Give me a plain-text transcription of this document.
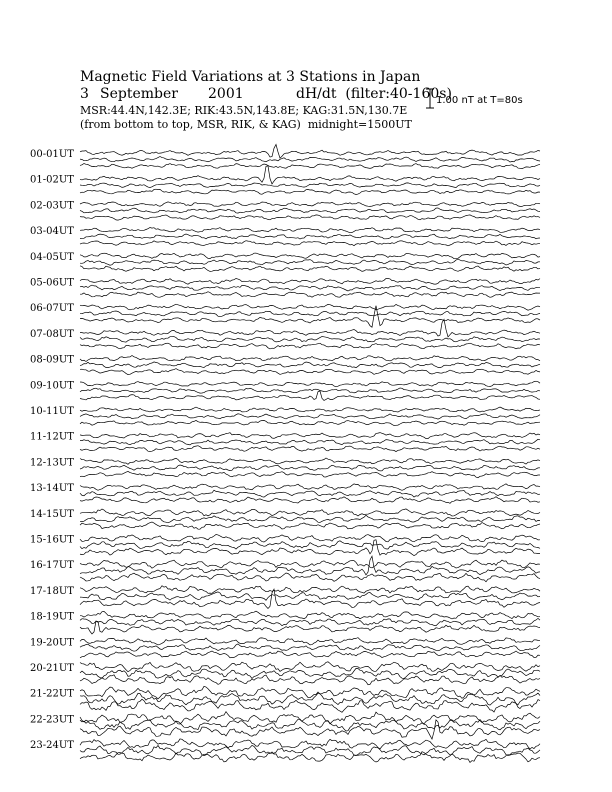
Magnetic Field Variations at 3 Stations in Japan
3 September 2001	dH/dt (filter:40-160s)
MSR:44.4N,142.3E; RIK:43.5N,143.8E; KAG:31.5N,130.7E
(from bottom to top, MSR, RIK, & KAG) midnight=1500UT
1.00 nT at T=80s
00-01UT
01-02UT
02-03UT
03-04UT
04-05UT
05-06UT
06-07UT
07-08UT
08-09UT
09-10UT
10-11UT
11-12UT
12-13UT
13-14UT
14-15UT
15-16UT
16-17UT
17-18UT
18-19UT
19-20UT
20-21UT
21-22UT
22-23UT
23-24UT
